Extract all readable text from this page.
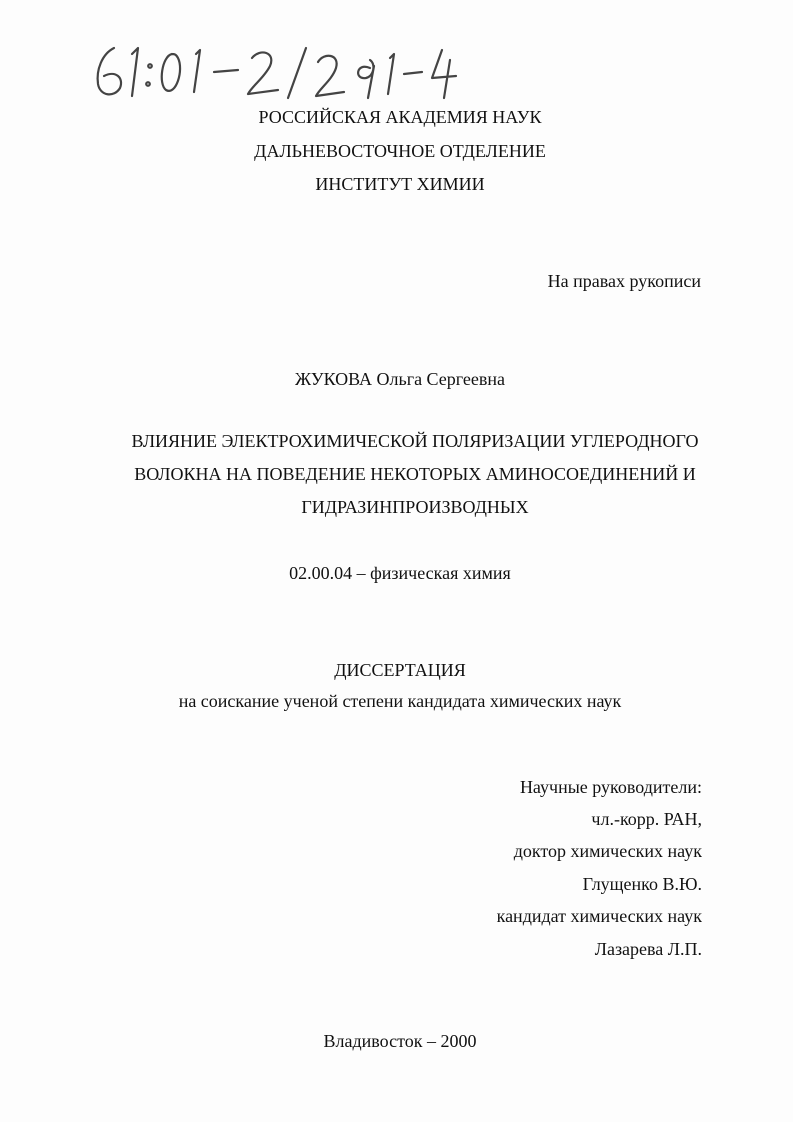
РОССИЙСКАЯ АКАДЕМИЯ НАУК
ДАЛЬНЕВОСТОЧНОЕ ОТДЕЛЕНИЕ
ИНСТИТУТ ХИМИИ
На правах рукописи
ЖУКОВА Ольга Сергеевна
ВЛИЯНИЕ ЭЛЕКТРОХИМИЧЕСКОЙ ПОЛЯРИЗАЦИИ УГЛЕРОДНОГО
ВОЛОКНА НА ПОВЕДЕНИЕ НЕКОТОРЫХ АМИНОСОЕДИНЕНИЙ И
ГИДРАЗИНПРОИЗВОДНЫХ
02.00.04 – физическая химия
ДИССЕРТАЦИЯ
на соискание ученой степени кандидата химических наук
Научные руководители:
чл.-корр. РАН,
доктор химических наук
Глущенко В.Ю.
кандидат химических наук
Лазарева Л.П.
Владивосток – 2000
